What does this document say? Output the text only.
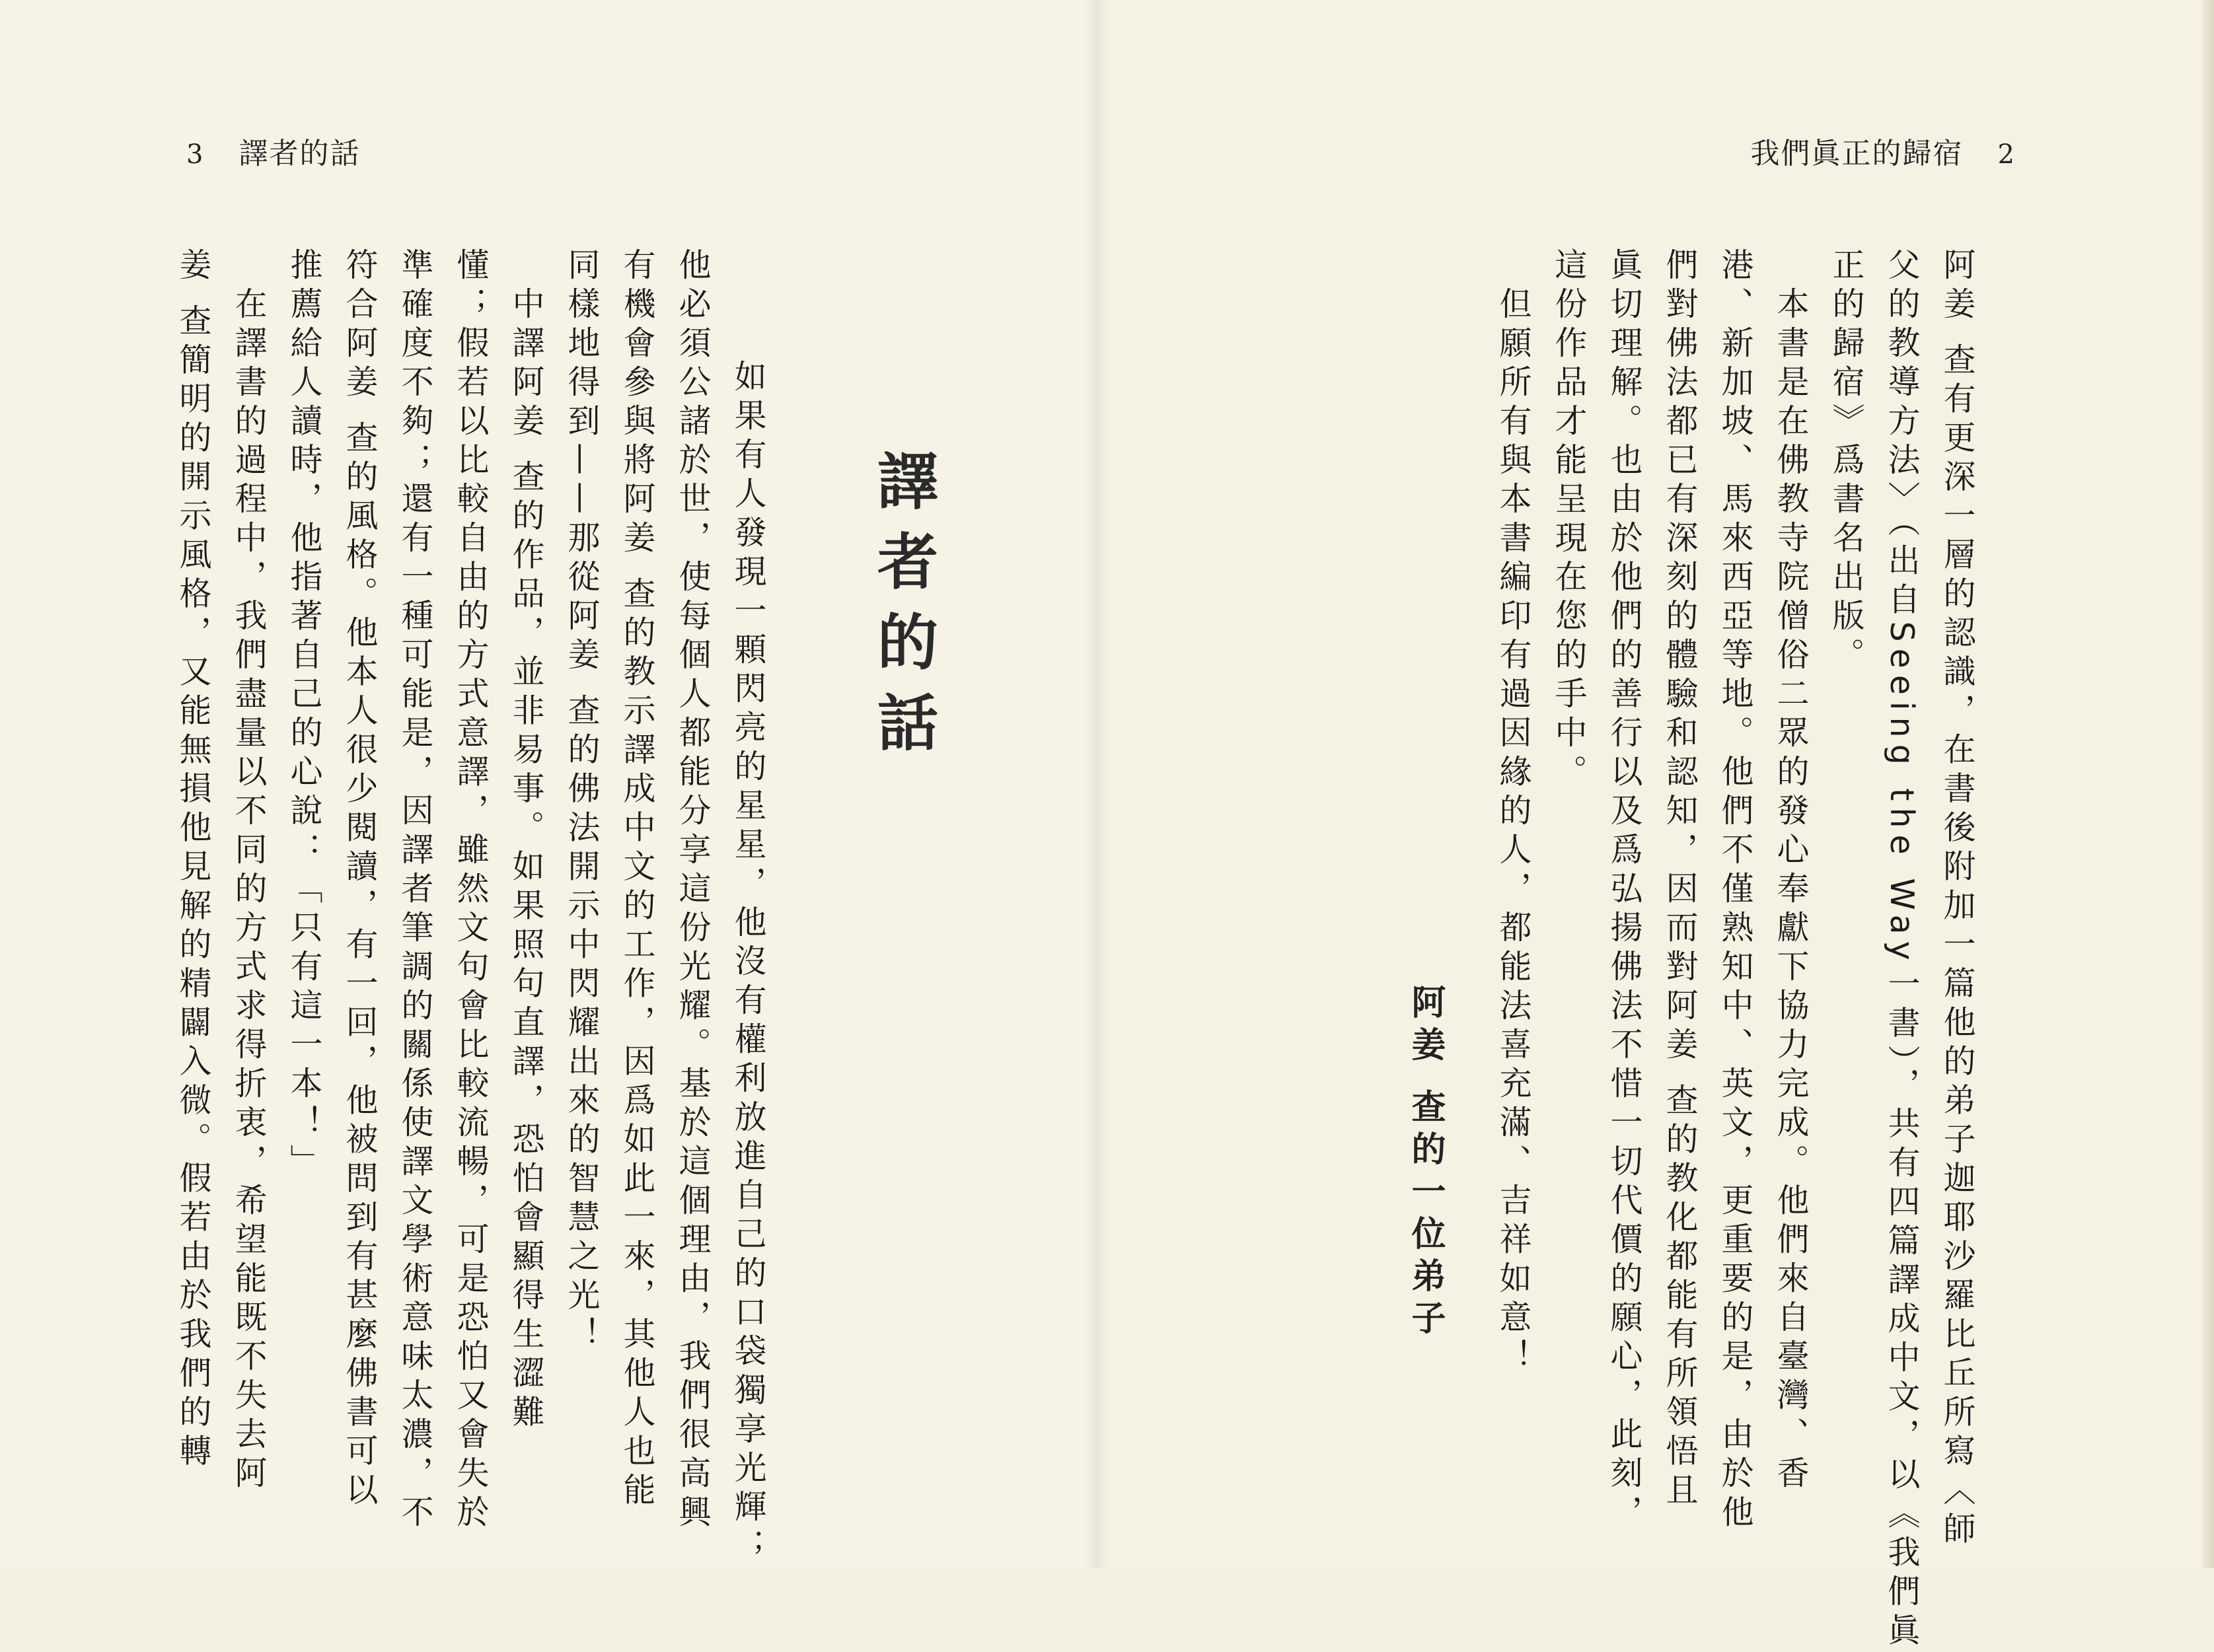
3 譯者的話
譯者的話
　如果有人發現一顆閃亮的星星，他沒有權利放進自己的口袋獨享光輝；
他必須公諸於世，使每個人都能分享這份光耀。基於這個理由，我們很高興
有機會參與將阿姜 查的教示譯成中文的工作，因爲如此一來，其他人也能
同樣地得到——那從阿姜 查的佛法開示中閃耀出來的智慧之光！
　中譯阿姜 查的作品，並非易事。如果照句直譯，恐怕會顯得生澀難
懂；假若以比較自由的方式意譯，雖然文句會比較流暢，可是恐怕又會失於
準確度不夠；還有一種可能是，因譯者筆調的關係使譯文學術意味太濃，不
符合阿姜 查的風格。他本人很少閱讀，有一回，他被問到有甚麼佛書可以
推薦給人讀時，他指著自己的心說：「只有這一本！」
　在譯書的過程中，我們盡量以不同的方式求得折衷，希望能既不失去阿
姜 查簡明的開示風格，又能無損他見解的精闢入微。假若由於我們的轉
我們眞正的歸宿 2
阿姜 查有更深一層的認識，在書後附加一篇他的弟子迦耶沙羅比丘所寫〈師
父的教導方法〉（出自Seeing the Way一書），共有四篇譯成中文，以《我們眞
正的歸宿》爲書名出版。
　本書是在佛教寺院僧俗二眾的發心奉獻下協力完成。他們來自臺灣、香
港、新加坡、馬來西亞等地。他們不僅熟知中、英文，更重要的是，由於他
們對佛法都已有深刻的體驗和認知，因而對阿姜 查的教化都能有所領悟且
眞切理解。也由於他們的善行以及爲弘揚佛法不惜一切代價的願心，此刻，
這份作品才能呈現在您的手中。
　但願所有與本書編印有過因緣的人，都能法喜充滿、吉祥如意！
阿姜 查的一位弟子
